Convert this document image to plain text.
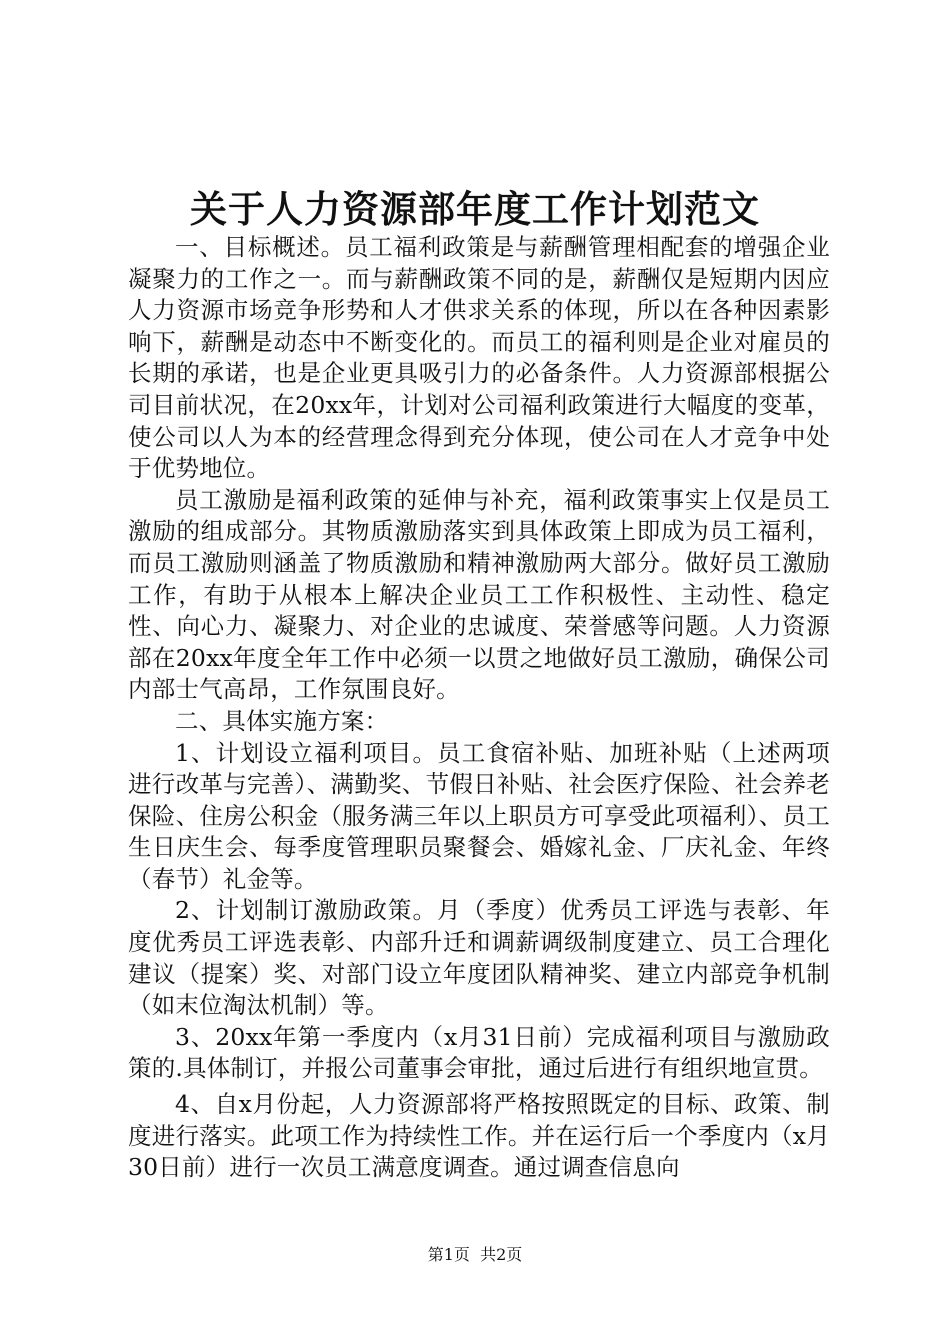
关于人力资源部年度工作计划范文

一、目标概述。员工福利政策是与薪酬管理相配套的增强企业凝聚力的工作之一。而与薪酬政策不同的是，薪酬仅是短期内因应人力资源市场竞争形势和人才供求关系的体现，所以在各种因素影响下，薪酬是动态中不断变化的。而员工的福利则是企业对雇员的长期的承诺，也是企业更具吸引力的必备条件。人力资源部根据公司目前状况，在20xx年，计划对公司福利政策进行大幅度的变革，使公司以人为本的经营理念得到充分体现，使公司在人才竞争中处于优势地位。

员工激励是福利政策的延伸与补充，福利政策事实上仅是员工激励的组成部分。其物质激励落实到具体政策上即成为员工福利，而员工激励则涵盖了物质激励和精神激励两大部分。做好员工激励工作，有助于从根本上解决企业员工工作积极性、主动性、稳定性、向心力、凝聚力、对企业的忠诚度、荣誉感等问题。人力资源部在20xx年度全年工作中必须一以贯之地做好员工激励，确保公司内部士气高昂，工作氛围良好。

二、具体实施方案：

1、计划设立福利项目。员工食宿补贴、加班补贴（上述两项进行改革与完善）、满勤奖、节假日补贴、社会医疗保险、社会养老保险、住房公积金（服务满三年以上职员方可享受此项福利）、员工生日庆生会、每季度管理职员聚餐会、婚嫁礼金、厂庆礼金、年终（春节）礼金等。

2、计划制订激励政策。月（季度）优秀员工评选与表彰、年度优秀员工评选表彰、内部升迁和调薪调级制度建立、员工合理化建议（提案）奖、对部门设立年度团队精神奖、建立内部竞争机制（如末位淘汰机制）等。

3、20xx年第一季度内（x月31日前）完成福利项目与激励政策的.具体制订，并报公司董事会审批，通过后进行有组织地宣贯。

4、自x月份起，人力资源部将严格按照既定的目标、政策、制度进行落实。此项工作为持续性工作。并在运行后一个季度内（x月30日前）进行一次员工满意度调查。通过调查信息向

第1页  共2页
